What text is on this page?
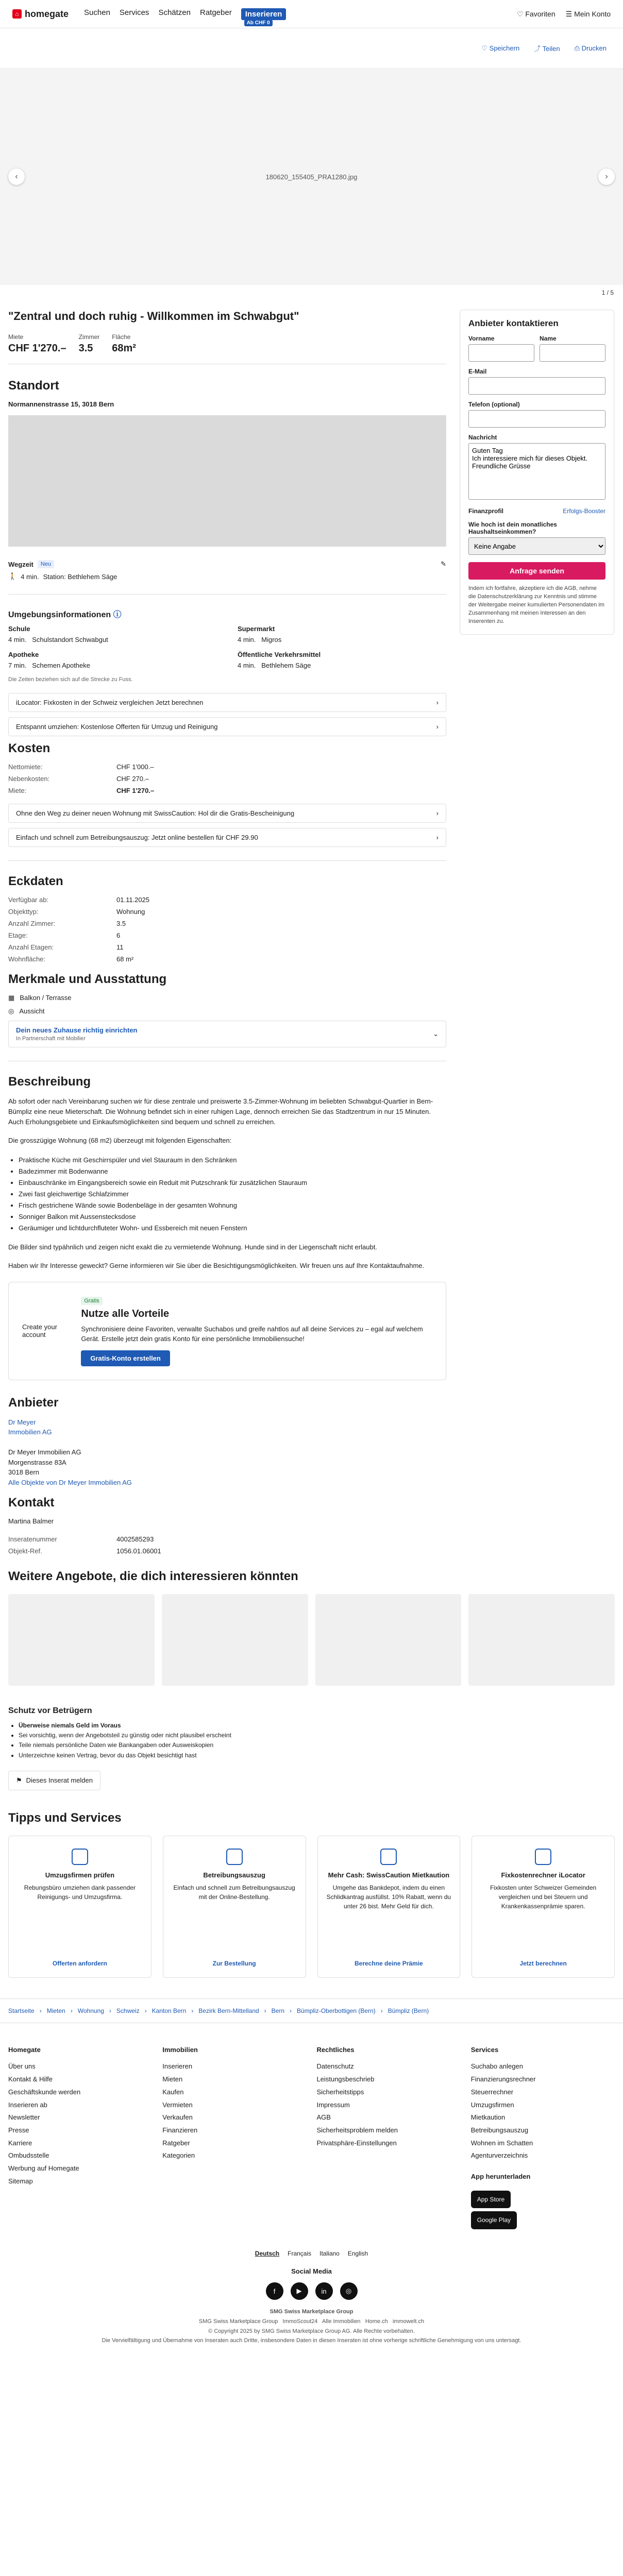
⌂ homegate Suchen Services Schätzen Ratgeber	Inserieren
Ab CHF 0
♡ Favoriten ☰ Mein Konto
♡ Speichern ⤴ Teilen ⎙ Drucken
‹	180620_155405_PRA1280.jpg	›
1 / 5
"Zentral und doch ruhig - Willkommen im Schwabgut"
Miete
CHF 1'270.–
Zimmer
3.5
Fläche
68m²
Standort
Normannenstrasse 15, 3018 Bern
Wegzeit	Neu	✎
🚶 4 min. Station: Bethlehem Säge
Umgebungsinformationen ⓘ
Schule
4 min. Schulstandort Schwabgut
Supermarkt
4 min. Migros
Apotheke
7 min. Schemen Apotheke
Öffentliche Verkehrsmittel
4 min. Bethlehem Säge
Die Zeiten beziehen sich auf die Strecke zu Fuss.
iLocator: Fixkosten in der Schweiz vergleichen Jetzt berechnen	›
Entspannt umziehen: Kostenlose Offerten für Umzug und Reinigung	›
Kosten
Nettomiete:	CHF 1'000.–
Nebenkosten:	CHF 270.–
Miete:	CHF 1'270.–
Ohne den Weg zu deiner neuen Wohnung mit SwissCaution: Hol dir die Gratis-Bescheinigung	›
Einfach und schnell zum Betreibungsauszug: Jetzt online bestellen für CHF 29.90	›
Eckdaten
Verfügbar ab:	01.11.2025
Objekttyp:	Wohnung
Anzahl Zimmer:	3.5
Etage:	6
Anzahl Etagen:	11
Wohnfläche:	68 m²
Merkmale und Ausstattung
▦ Balkon / Terrasse
◎ Aussicht
Dein neues Zuhause richtig einrichten
In Partnerschaft mit Mobilier
⌄
Beschreibung

Ab sofort oder nach Vereinbarung suchen wir für diese zentrale und preiswerte 3.5-Zimmer-Wohnung im beliebten Schwabgut-Quartier in Bern-Bümpliz eine neue Mieterschaft. Die Wohnung befindet sich in einer ruhigen Lage, dennoch erreichen Sie das Stadtzentrum in nur 15 Minuten. Auch Erholungsgebiete und Einkaufsmöglichkeiten sind bequem und schnell zu erreichen.

Die grosszügige Wohnung (68 m2) überzeugt mit folgenden Eigenschaften:

• Praktische Küche mit Geschirrspüler und viel Stauraum in den Schränken
• Badezimmer mit Bodenwanne
• Einbauschränke im Eingangsbereich sowie ein Reduit mit Putzschrank für zusätzlichen Stauraum
• Zwei fast gleichwertige Schlafzimmer
• Frisch gestrichene Wände sowie Bodenbeläge in der gesamten Wohnung
• Sonniger Balkon mit Aussenstecksdose
• Geräumiger und lichtdurchfluteter Wohn- und Essbereich mit neuen Fenstern

Die Bilder sind typähnlich und zeigen nicht exakt die zu vermietende Wohnung. Hunde sind in der Liegenschaft nicht erlaubt.

Haben wir Ihr Interesse geweckt? Gerne informieren wir Sie über die Besichtigungsmöglichkeiten. Wir freuen uns auf Ihre Kontaktaufnahme.

Create your account
Gratis
Nutze alle Vorteile
Synchronisiere deine Favoriten, verwalte Suchabos und greife nahtlos auf all deine Services zu – egal auf welchem Gerät. Erstelle jetzt dein gratis Konto für eine persönliche Immobiliensuche!
Gratis-Konto erstellen
Anbieter
Dr Meyer
Immobilien AG

Dr Meyer Immobilien AG
Morgenstrasse 83A
3018 Bern
Alle Objekte von Dr Meyer Immobilien AG
Kontakt
Martina Balmer
Inseratenummer	4002585293
Objekt-Ref.	1056.01.06001
Anbieter kontaktieren
Vorname	Name
E-Mail
Telefon (optional)
Nachricht
Guten Tag Ich interessiere mich für dieses Objekt. Freundliche Grüsse
Finanzprofil	Erfolgs-Booster
Wie hoch ist dein monatliches Haushaltseinkommen?
Keine Angabe
Anfrage senden
Indem ich fortfahre, akzeptiere ich die AGB, nehme die Datenschutzerklärung zur Kenntnis und stimme der Weitergabe meiner kumulierten Personendaten im Zusammenhang mit meinen Interessen an den Inserenten zu.
Weitere Angebote, die dich interessieren könnten
Schutz vor Betrügern
• Überweise niemals Geld im Voraus
• Sei vorsichtig, wenn der Angebotsteil zu günstig oder nicht plausibel erscheint
• Teile niemals persönliche Daten wie Bankangaben oder Ausweiskopien
• Unterzeichne keinen Vertrag, bevor du das Objekt besichtigt hast
⚑ Dieses Inserat melden
Tipps und Services
Umzugsfirmen prüfen
Rebungsbüro umziehen dank passender Reinigungs- und Umzugsfirma.
Offerten anfordern
Betreibungsauszug
Einfach und schnell zum Betreibungsauszug mit der Online-Bestellung.
Zur Bestellung
Mehr Cash: SwissCaution Mietkaution
Umgehe das Bankdepot, indem du einen Schlidkantrag ausfüllst. 10% Rabatt, wenn du unter 26 bist. Mehr Geld für dich.
Berechne deine Prämie
Fixkostenrechner iLocator
Fixkosten unter Schweizer Gemeinden vergleichen und bei Steuern und Krankenkassenprämie sparen.
Jetzt berechnen
Startseite › Mieten › Wohnung › Schweiz › Kanton Bern › Bezirk Bern-Mittelland › Bern › Bümpliz-Oberbottigen (Bern) › Bümpliz (Bern)
Homegate
Über uns
Kontakt & Hilfe
Geschäftskunde werden
Inserieren ab
Newsletter
Presse
Karriere
Ombudsstelle
Werbung auf Homegate
Sitemap
Immobilien
Inserieren
Mieten
Kaufen
Vermieten
Verkaufen
Finanzieren
Ratgeber
Kategorien
Rechtliches
Datenschutz
Leistungsbeschrieb
Sicherheitstipps
Impressum
AGB
Sicherheitsproblem melden
Privatsphäre-Einstellungen
Services
Suchabo anlegen
Finanzierungsrechner
Steuerrechner
Umzugsfirmen
Mietkaution
Betreibungsauszug
Wohnen im Schatten
Agenturverzeichnis
App herunterladen
App Store
Google Play
Deutsch Français Italiano English
Social Media
f	▶	in	◎
SMG Swiss Marketplace Group
SMG Swiss Marketplace Group ImmoScout24 Alle Immobilien Home.ch immowelt.ch
© Copyright 2025 by SMG Swiss Marketplace Group AG. Alle Rechte vorbehalten.
Die Vervielfältigung und Übernahme von Inseraten auch Dritte, insbesondere Daten in diesen Inseraten ist ohne vorherige schriftliche Genehmigung von uns untersagt.
